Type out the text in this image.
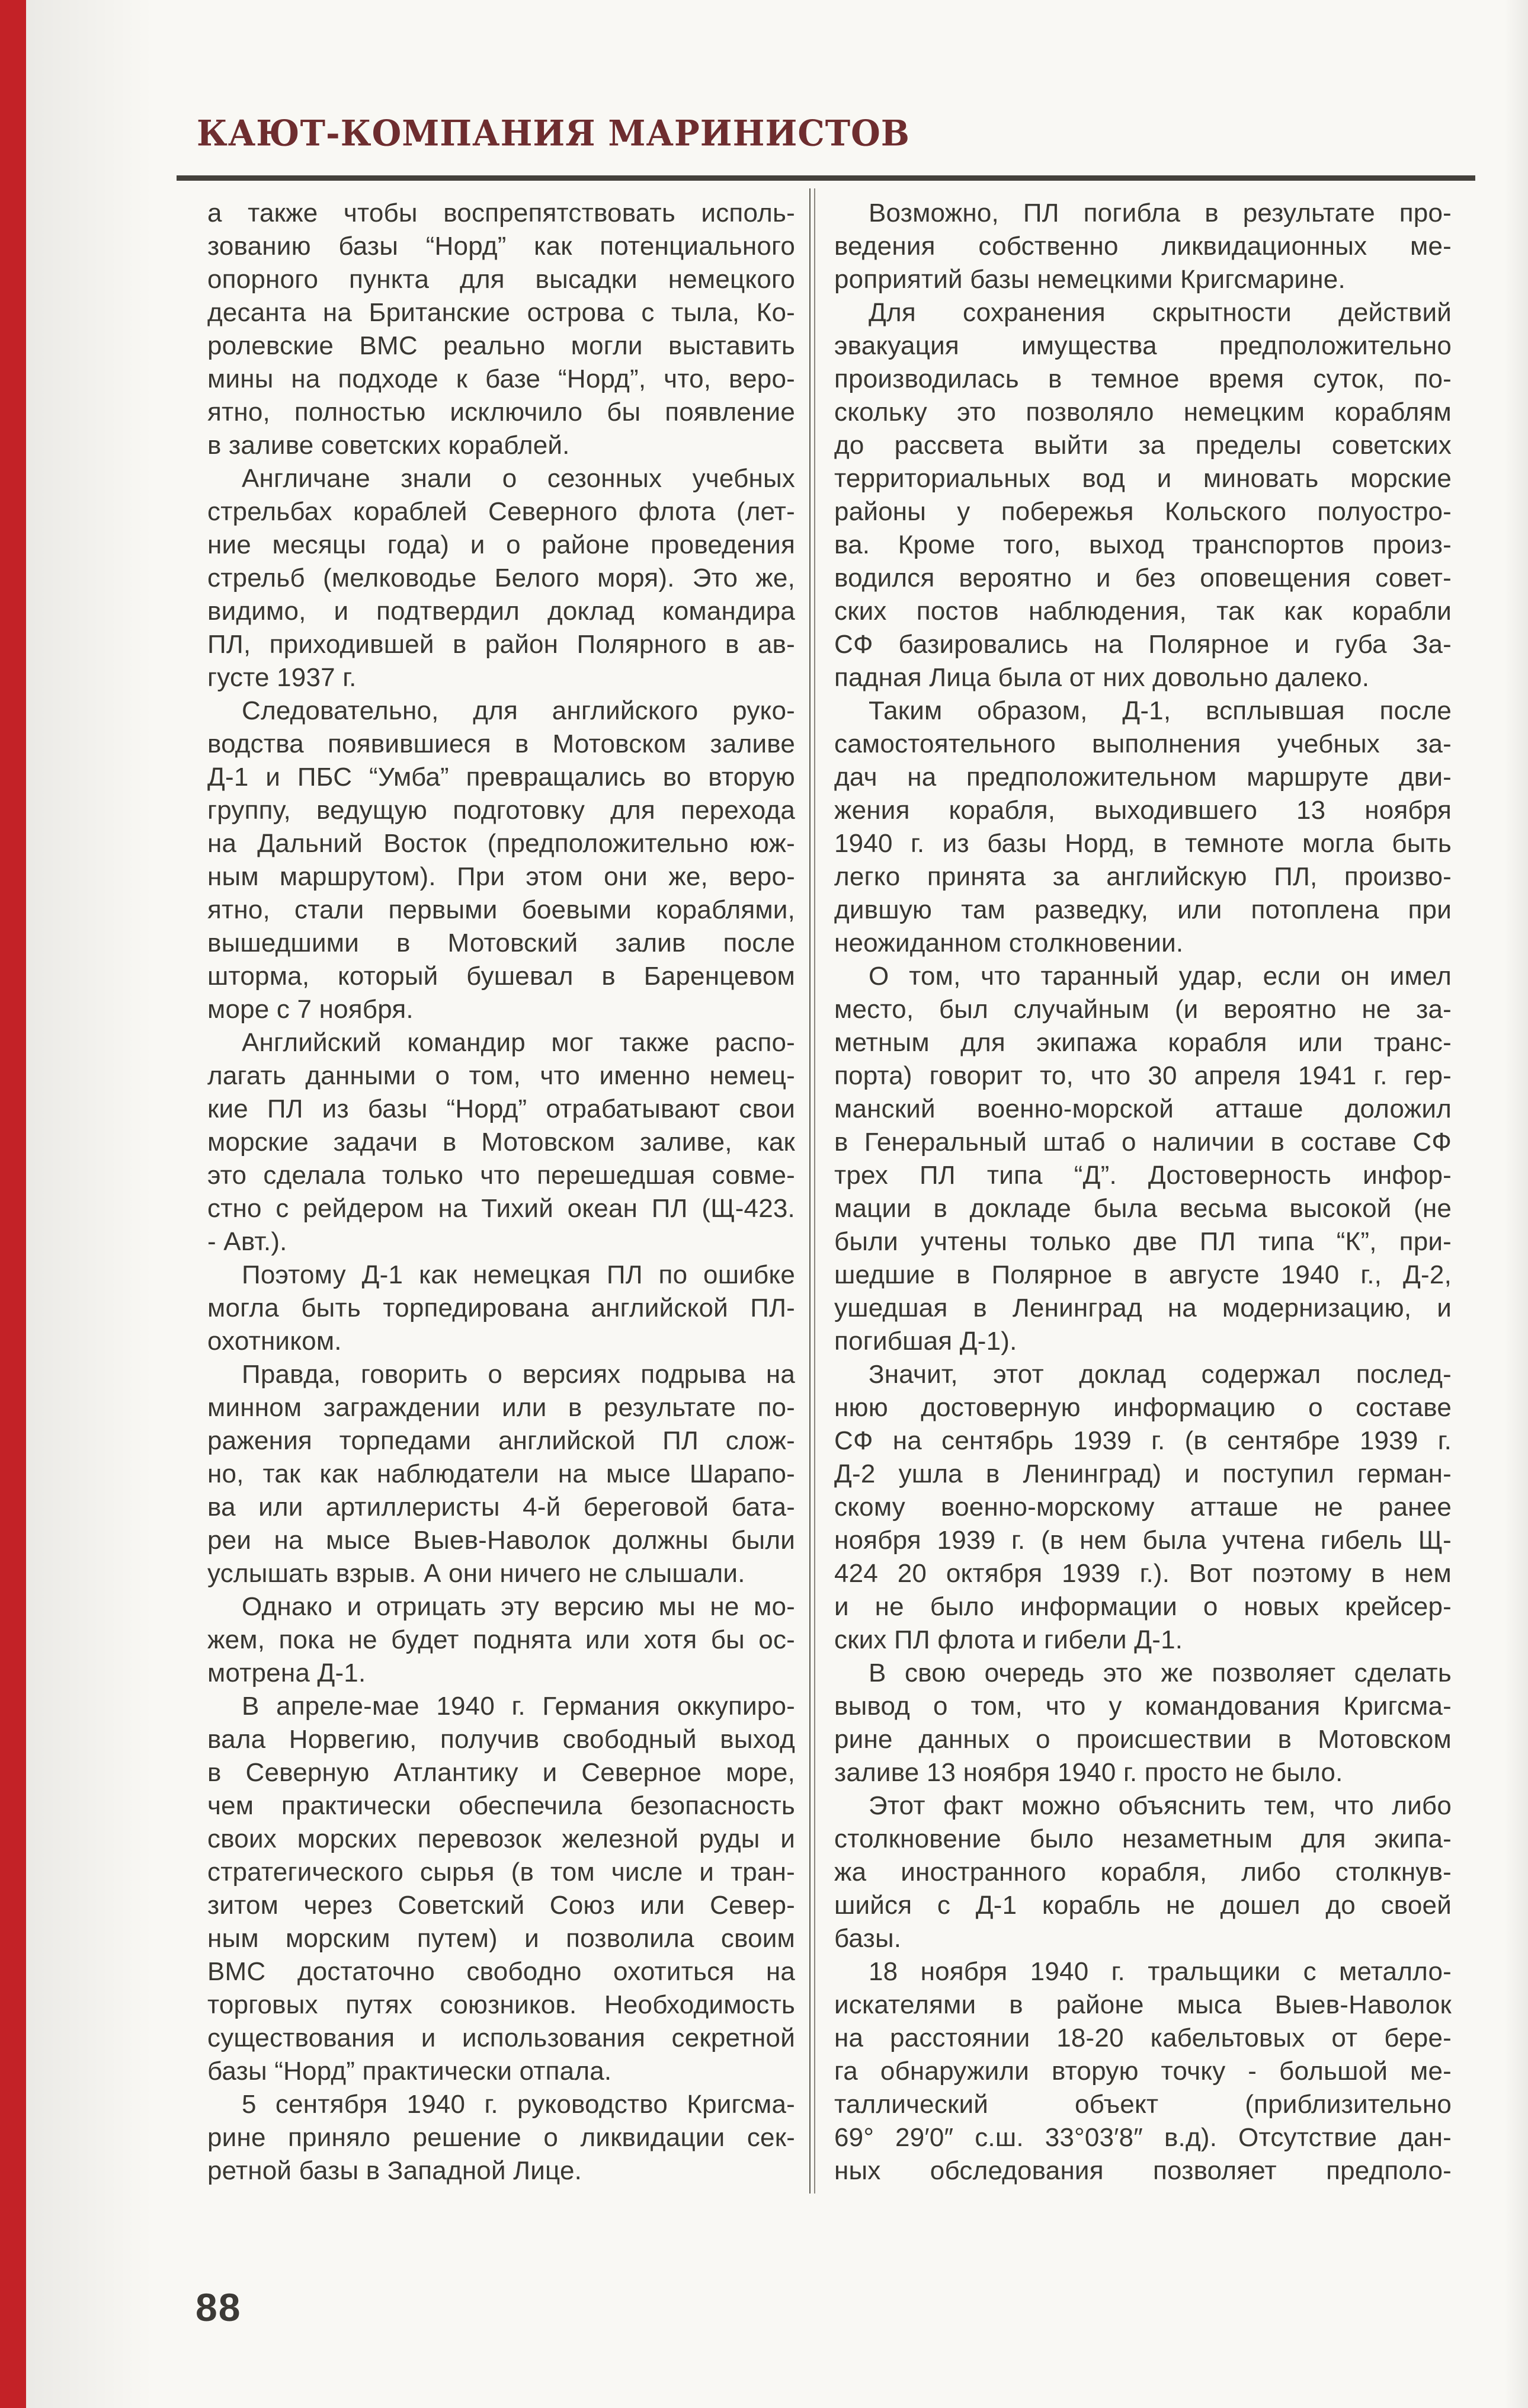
КАЮТ-КОМПАНИЯ МАРИНИСТОВ
а также чтобы воспрепятствовать исполь-
зованию базы “Норд” как потенциального
опорного пункта для высадки немецкого
десанта на Британские острова с тыла, Ко-
ролевские ВМС реально могли выставить
мины на подходе к базе “Норд”, что, веро-
ятно, полностью исключило бы появление
в заливе советских кораблей.
Англичане знали о сезонных учебных
стрельбах кораблей Северного флота (лет-
ние месяцы года) и о районе проведения
стрельб (мелководье Белого моря). Это же,
видимо, и подтвердил доклад командира
ПЛ, приходившей в район Полярного в ав-
густе 1937 г.
Следовательно, для английского руко-
водства появившиеся в Мотовском заливе
Д-1 и ПБС “Умба” превращались во вторую
группу, ведущую подготовку для перехода
на Дальний Восток (предположительно юж-
ным маршрутом). При этом они же, веро-
ятно, стали первыми боевыми кораблями,
вышедшими в Мотовский залив после
шторма, который бушевал в Баренцевом
море с 7 ноября.
Английский командир мог также распо-
лагать данными о том, что именно немец-
кие ПЛ из базы “Норд” отрабатывают свои
морские задачи в Мотовском заливе, как
это сделала только что перешедшая совме-
стно с рейдером на Тихий океан ПЛ (Щ-423.
- Авт.).
Поэтому Д-1 как немецкая ПЛ по ошибке
могла быть торпедирована английской ПЛ-
охотником.
Правда, говорить о версиях подрыва на
минном заграждении или в результате по-
ражения торпедами английской ПЛ слож-
но, так как наблюдатели на мысе Шарапо-
ва или артиллеристы 4-й береговой бата-
реи на мысе Выев-Наволок должны были
услышать взрыв. А они ничего не слышали.
Однако и отрицать эту версию мы не мо-
жем, пока не будет поднята или хотя бы ос-
мотрена Д-1.
В апреле-мае 1940 г. Германия оккупиро-
вала Норвегию, получив свободный выход
в Северную Атлантику и Северное море,
чем практически обеспечила безопасность
своих морских перевозок железной руды и
стратегического сырья (в том числе и тран-
зитом через Советский Союз или Север-
ным морским путем) и позволила своим
ВМС достаточно свободно охотиться на
торговых путях союзников. Необходимость
существования и использования секретной
базы “Норд” практически отпала.
5 сентября 1940 г. руководство Кригсма-
рине приняло решение о ликвидации сек-
ретной базы в Западной Лице.
Возможно, ПЛ погибла в результате про-
ведения собственно ликвидационных ме-
роприятий базы немецкими Кригсмарине.
Для сохранения скрытности действий
эвакуация имущества предположительно
производилась в темное время суток, по-
скольку это позволяло немецким кораблям
до рассвета выйти за пределы советских
территориальных вод и миновать морские
районы у побережья Кольского полуостро-
ва. Кроме того, выход транспортов произ-
водился вероятно и без оповещения совет-
ских постов наблюдения, так как корабли
СФ базировались на Полярное и губа За-
падная Лица была от них довольно далеко.
Таким образом, Д-1, всплывшая после
самостоятельного выполнения учебных за-
дач на предположительном маршруте дви-
жения корабля, выходившего 13 ноября
1940 г. из базы Норд, в темноте могла быть
легко принята за английскую ПЛ, произво-
дившую там разведку, или потоплена при
неожиданном столкновении.
О том, что таранный удар, если он имел
место, был случайным (и вероятно не за-
метным для экипажа корабля или транс-
порта) говорит то, что 30 апреля 1941 г. гер-
манский военно-морской атташе доложил
в Генеральный штаб о наличии в составе СФ
трех ПЛ типа “Д”. Достоверность инфор-
мации в докладе была весьма высокой (не
были учтены только две ПЛ типа “К”, при-
шедшие в Полярное в августе 1940 г., Д-2,
ушедшая в Ленинград на модернизацию, и
погибшая Д-1).
Значит, этот доклад содержал послед-
нюю достоверную информацию о составе
СФ на сентябрь 1939 г. (в сентябре 1939 г.
Д-2 ушла в Ленинград) и поступил герман-
скому военно-морскому атташе не ранее
ноября 1939 г. (в нем была учтена гибель Щ-
424 20 октября 1939 г.). Вот поэтому в нем
и не было информации о новых крейсер-
ских ПЛ флота и гибели Д-1.
В свою очередь это же позволяет сделать
вывод о том, что у командования Кригсма-
рине данных о происшествии в Мотовском
заливе 13 ноября 1940 г. просто не было.
Этот факт можно объяснить тем, что либо
столкновение было незаметным для экипа-
жа иностранного корабля, либо столкнув-
шийся с Д-1 корабль не дошел до своей
базы.
18 ноября 1940 г. тральщики с металло-
искателями в районе мыса Выев-Наволок
на расстоянии 18-20 кабельтовых от бере-
га обнаружили вторую точку - большой ме-
таллический объект (приблизительно
69° 29′0″ с.ш. 33°03′8″ в.д). Отсутствие дан-
ных обследования позволяет предполо-
88
